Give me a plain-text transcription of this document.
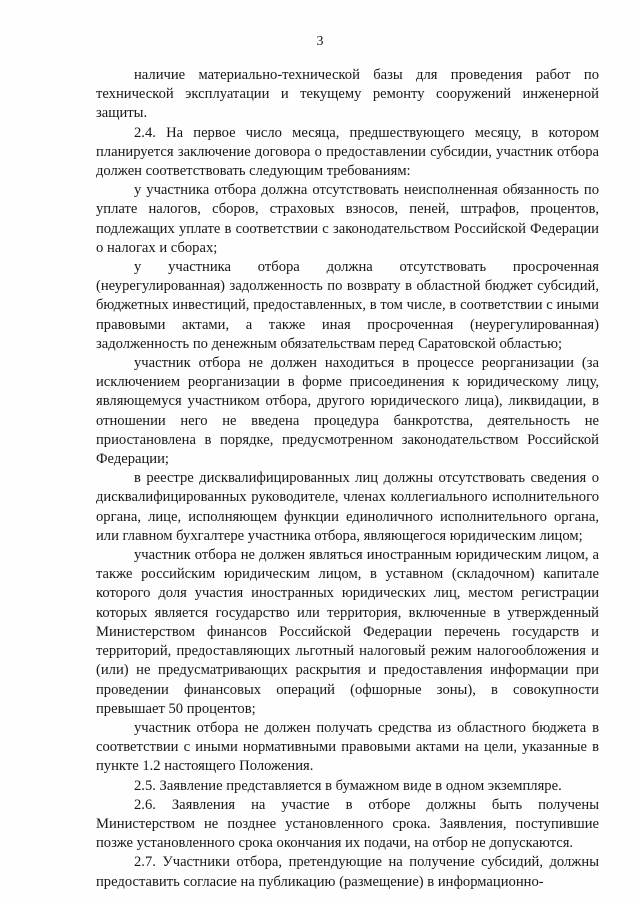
3

наличие материально-технической базы для проведения работ по технической эксплуатации и текущему ремонту сооружений инженерной защиты.

2.4. На первое число месяца, предшествующего месяцу, в котором планируется заключение договора о предоставлении субсидии, участник отбора должен соответствовать следующим требованиям:

у участника отбора должна отсутствовать неисполненная обязанность по уплате налогов, сборов, страховых взносов, пеней, штрафов, процентов, подлежащих уплате в соответствии с законодательством Российской Федерации о налогах и сборах;

у участника отбора должна отсутствовать просроченная (неурегулированная) задолженность по возврату в областной бюджет субсидий, бюджетных инвестиций, предоставленных, в том числе, в соответствии с иными правовыми актами, а также иная просроченная (неурегулированная) задолженность по денежным обязательствам перед Саратовской областью;

участник отбора не должен находиться в процессе реорганизации (за исключением реорганизации в форме присоединения к юридическому лицу, являющемуся участником отбора, другого юридического лица), ликвидации, в отношении него не введена процедура банкротства, деятельность не приостановлена в порядке, предусмотренном законодательством Российской Федерации;

в реестре дисквалифицированных лиц должны отсутствовать сведения о дисквалифицированных руководителе, членах коллегиального исполнительного органа, лице, исполняющем функции единоличного исполнительного органа, или главном бухгалтере участника отбора, являющегося юридическим лицом;

участник отбора не должен являться иностранным юридическим лицом, а также российским юридическим лицом, в уставном (складочном) капитале которого доля участия иностранных юридических лиц, местом регистрации которых является государство или территория, включенные в утвержденный Министерством финансов Российской Федерации перечень государств и территорий, предоставляющих льготный налоговый режим налогообложения и (или) не предусматривающих раскрытия и предоставления информации при проведении финансовых операций (офшорные зоны), в совокупности превышает 50 процентов;

участник отбора не должен получать средства из областного бюджета в соответствии с иными нормативными правовыми актами на цели, указанные в пункте 1.2 настоящего Положения.

2.5. Заявление представляется в бумажном виде в одном экземпляре.

2.6. Заявления на участие в отборе должны быть получены Министерством не позднее установленного срока. Заявления, поступившие позже установленного срока окончания их подачи, на отбор не допускаются.

2.7. Участники отбора, претендующие на получение субсидий, должны предоставить согласие на публикацию (размещение) в информационно-
